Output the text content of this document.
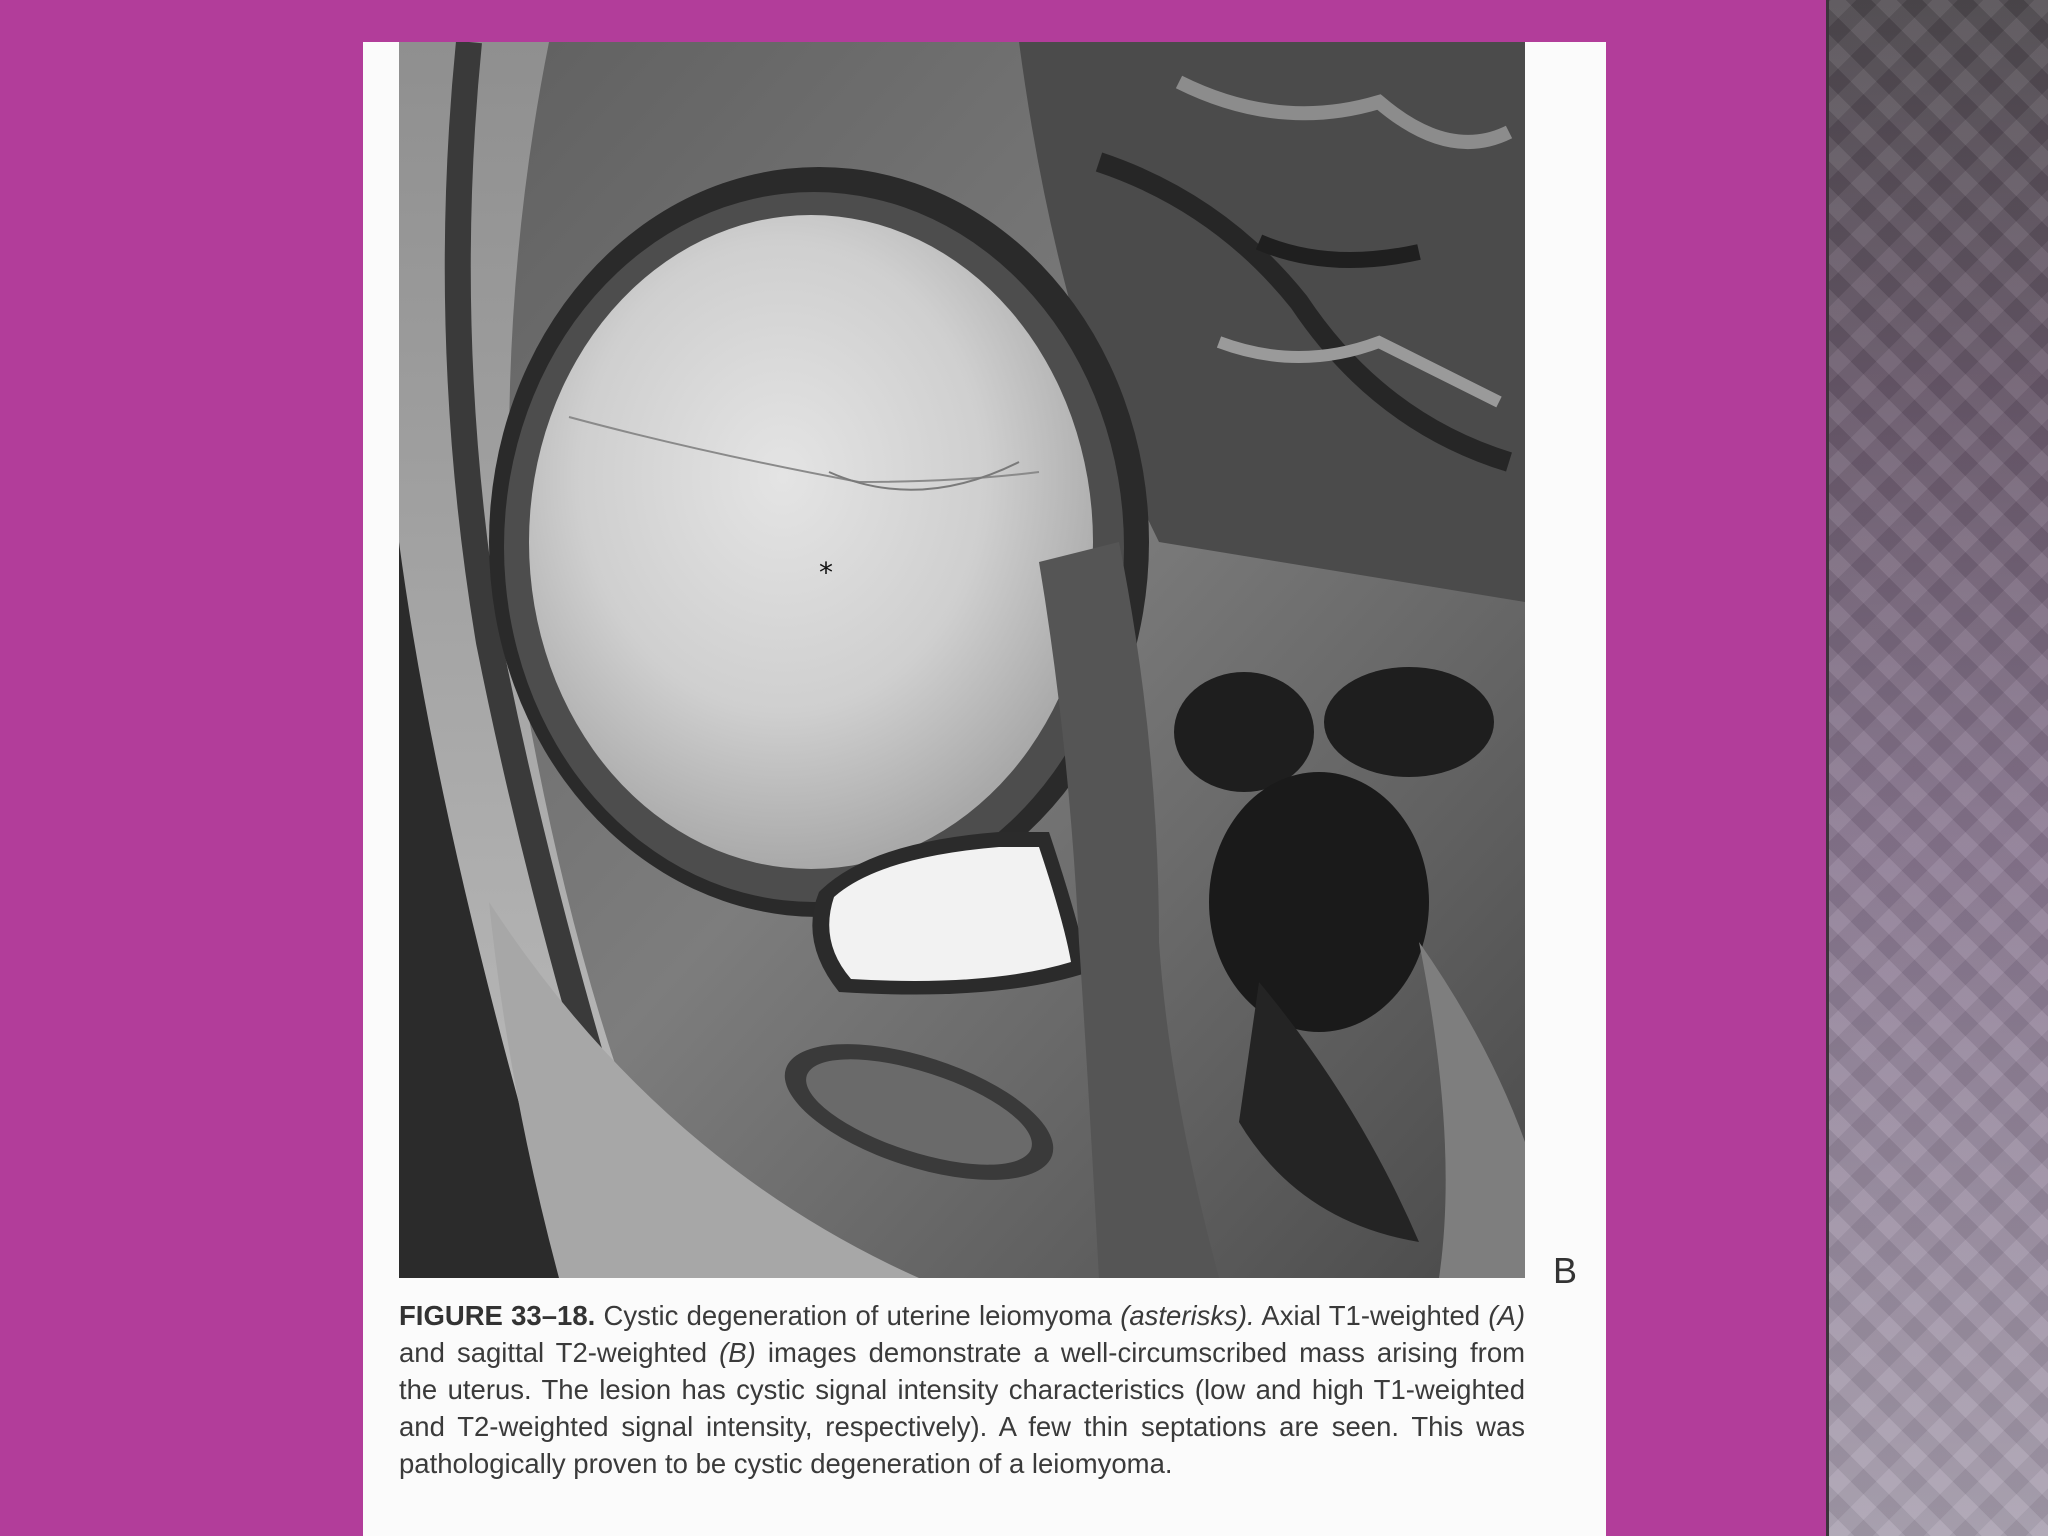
*
B
FIGURE 33–18. Cystic degeneration of uterine leiomyoma (asterisks). Axial T1-weighted (A) and sagittal T2-weighted (B) images demonstrate a well-circumscribed mass arising from the uterus. The lesion has cystic signal intensity characteristics (low and high T1-weighted and T2-weighted signal intensity, respectively). A few thin septations are seen. This was pathologically proven to be cystic degeneration of a leiomyoma.
